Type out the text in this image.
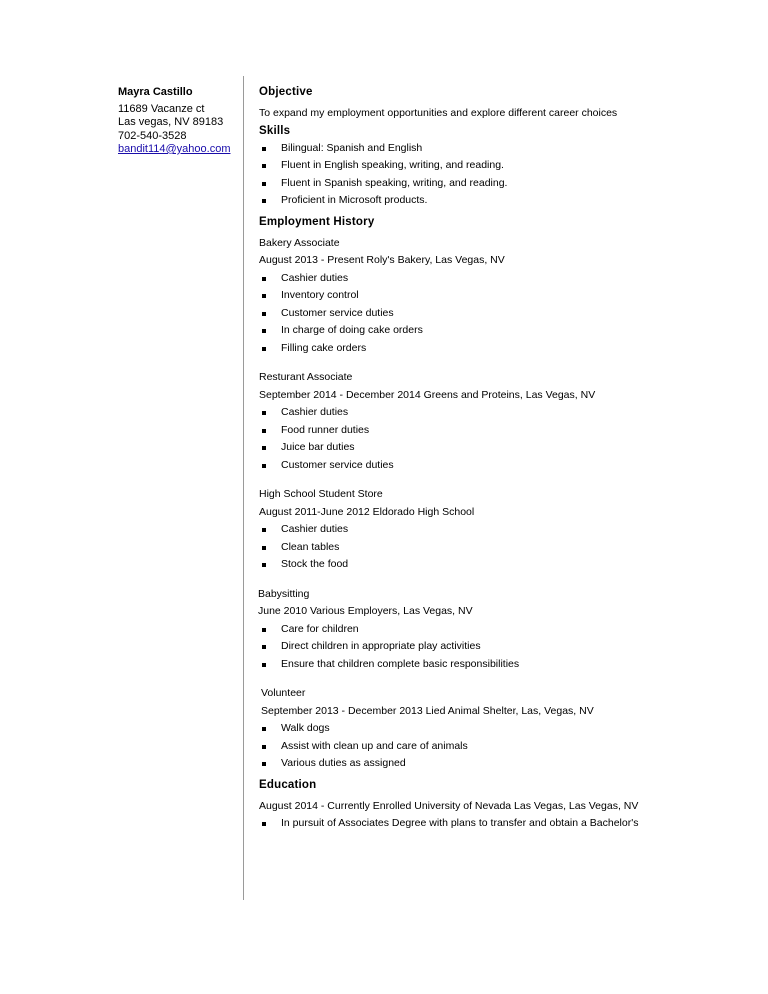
Mayra Castillo
11689 Vacanze ct
Las vegas, NV 89183
702-540-3528
bandit114@yahoo.com
Objective
To expand my employment opportunities and explore different career choices
Skills
Bilingual: Spanish and English
Fluent in English speaking, writing, and reading.
Fluent in Spanish speaking, writing, and reading.
Proficient in Microsoft products.
Employment History
Bakery Associate
August 2013 - Present Roly's Bakery, Las Vegas, NV
Cashier duties
Inventory control
Customer service duties
In charge of doing cake orders
Filling cake orders
Resturant Associate
September 2014 - December 2014 Greens and Proteins, Las Vegas, NV
Cashier duties
Food runner duties
Juice bar duties
Customer service duties
High School Student Store
August 2011-June 2012 Eldorado High School
Cashier duties
Clean tables
Stock the food
Babysitting
June 2010 Various Employers, Las Vegas, NV
Care for children
Direct children in appropriate play activities
Ensure that children complete basic responsibilities
Volunteer
September 2013 - December 2013 Lied Animal Shelter, Las, Vegas, NV
Walk dogs
Assist with clean up and care of animals
Various duties as assigned
Education
August 2014 - Currently Enrolled University of Nevada Las Vegas, Las Vegas, NV
In pursuit of Associates Degree with plans to transfer and obtain a Bachelor's
